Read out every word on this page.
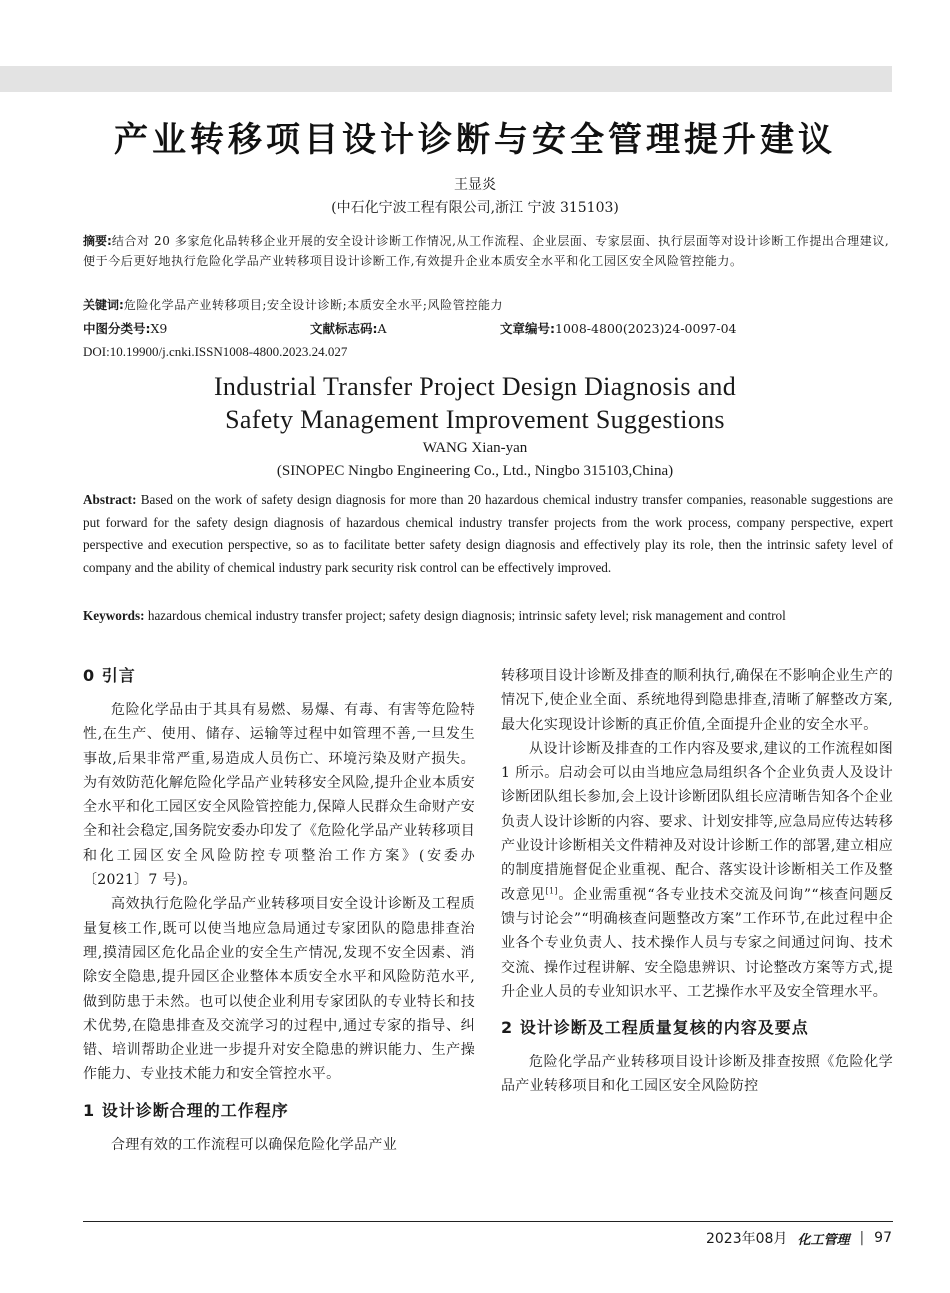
产业转移项目设计诊断与安全管理提升建议
王显炎
(中石化宁波工程有限公司,浙江 宁波 315103)
摘要:结合对 20 多家危化品转移企业开展的安全设计诊断工作情况,从工作流程、企业层面、专家层面、执行层面等对设计诊断工作提出合理建议,便于今后更好地执行危险化学品产业转移项目设计诊断工作,有效提升企业本质安全水平和化工园区安全风险管控能力。
关键词:危险化学品产业转移项目;安全设计诊断;本质安全水平;风险管控能力
中图分类号:X9	文献标志码:A	文章编号:1008-4800(2023)24-0097-04
DOI:10.19900/j.cnki.ISSN1008-4800.2023.24.027
Industrial Transfer Project Design Diagnosis and
Safety Management Improvement Suggestions
WANG Xian-yan
(SINOPEC Ningbo Engineering Co., Ltd., Ningbo 315103,China)
Abstract: Based on the work of safety design diagnosis for more than 20 hazardous chemical industry transfer companies, reasonable suggestions are put forward for the safety design diagnosis of hazardous chemical industry transfer projects from the work process, company perspective, expert perspective and execution perspective, so as to facilitate better safety design diagnosis and effectively play its role, then the intrinsic safety level of company and the ability of chemical industry park security risk control can be effectively improved.
Keywords: hazardous chemical industry transfer project; safety design diagnosis; intrinsic safety level; risk management and control
0 引言

危险化学品由于其具有易燃、易爆、有毒、有害等危险特性,在生产、使用、储存、运输等过程中如管理不善,一旦发生事故,后果非常严重,易造成人员伤亡、环境污染及财产损失。为有效防范化解危险化学品产业转移安全风险,提升企业本质安全水平和化工园区安全风险管控能力,保障人民群众生命财产安全和社会稳定,国务院安委办印发了《危险化学品产业转移项目和化工园区安全风险防控专项整治工作方案》(安委办〔2021〕7 号)。

高效执行危险化学品产业转移项目安全设计诊断及工程质量复核工作,既可以使当地应急局通过专家团队的隐患排查治理,摸清园区危化品企业的安全生产情况,发现不安全因素、消除安全隐患,提升园区企业整体本质安全水平和风险防范水平,做到防患于未然。也可以使企业利用专家团队的专业特长和技术优势,在隐患排查及交流学习的过程中,通过专家的指导、纠错、培训帮助企业进一步提升对安全隐患的辨识能力、生产操作能力、专业技术能力和安全管控水平。

1 设计诊断合理的工作程序

合理有效的工作流程可以确保危险化学品产业

转移项目设计诊断及排查的顺利执行,确保在不影响企业生产的情况下,使企业全面、系统地得到隐患排查,清晰了解整改方案,最大化实现设计诊断的真正价值,全面提升企业的安全水平。

从设计诊断及排查的工作内容及要求,建议的工作流程如图 1 所示。启动会可以由当地应急局组织各个企业负责人及设计诊断团队组长参加,会上设计诊断团队组长应清晰告知各个企业负责人设计诊断的内容、要求、计划安排等,应急局应传达转移产业设计诊断相关文件精神及对设计诊断工作的部署,建立相应的制度措施督促企业重视、配合、落实设计诊断相关工作及整改意见[1]。企业需重视“各专业技术交流及问询”“核查问题反馈与讨论会”“明确核查问题整改方案”工作环节,在此过程中企业各个专业负责人、技术操作人员与专家之间通过问询、技术交流、操作过程讲解、安全隐患辨识、讨论整改方案等方式,提升企业人员的专业知识水平、工艺操作水平及安全管理水平。

2 设计诊断及工程质量复核的内容及要点

危险化学品产业转移项目设计诊断及排查按照《危险化学品产业转移项目和化工园区安全风险防控

2023年08月 化工管理 | 97
